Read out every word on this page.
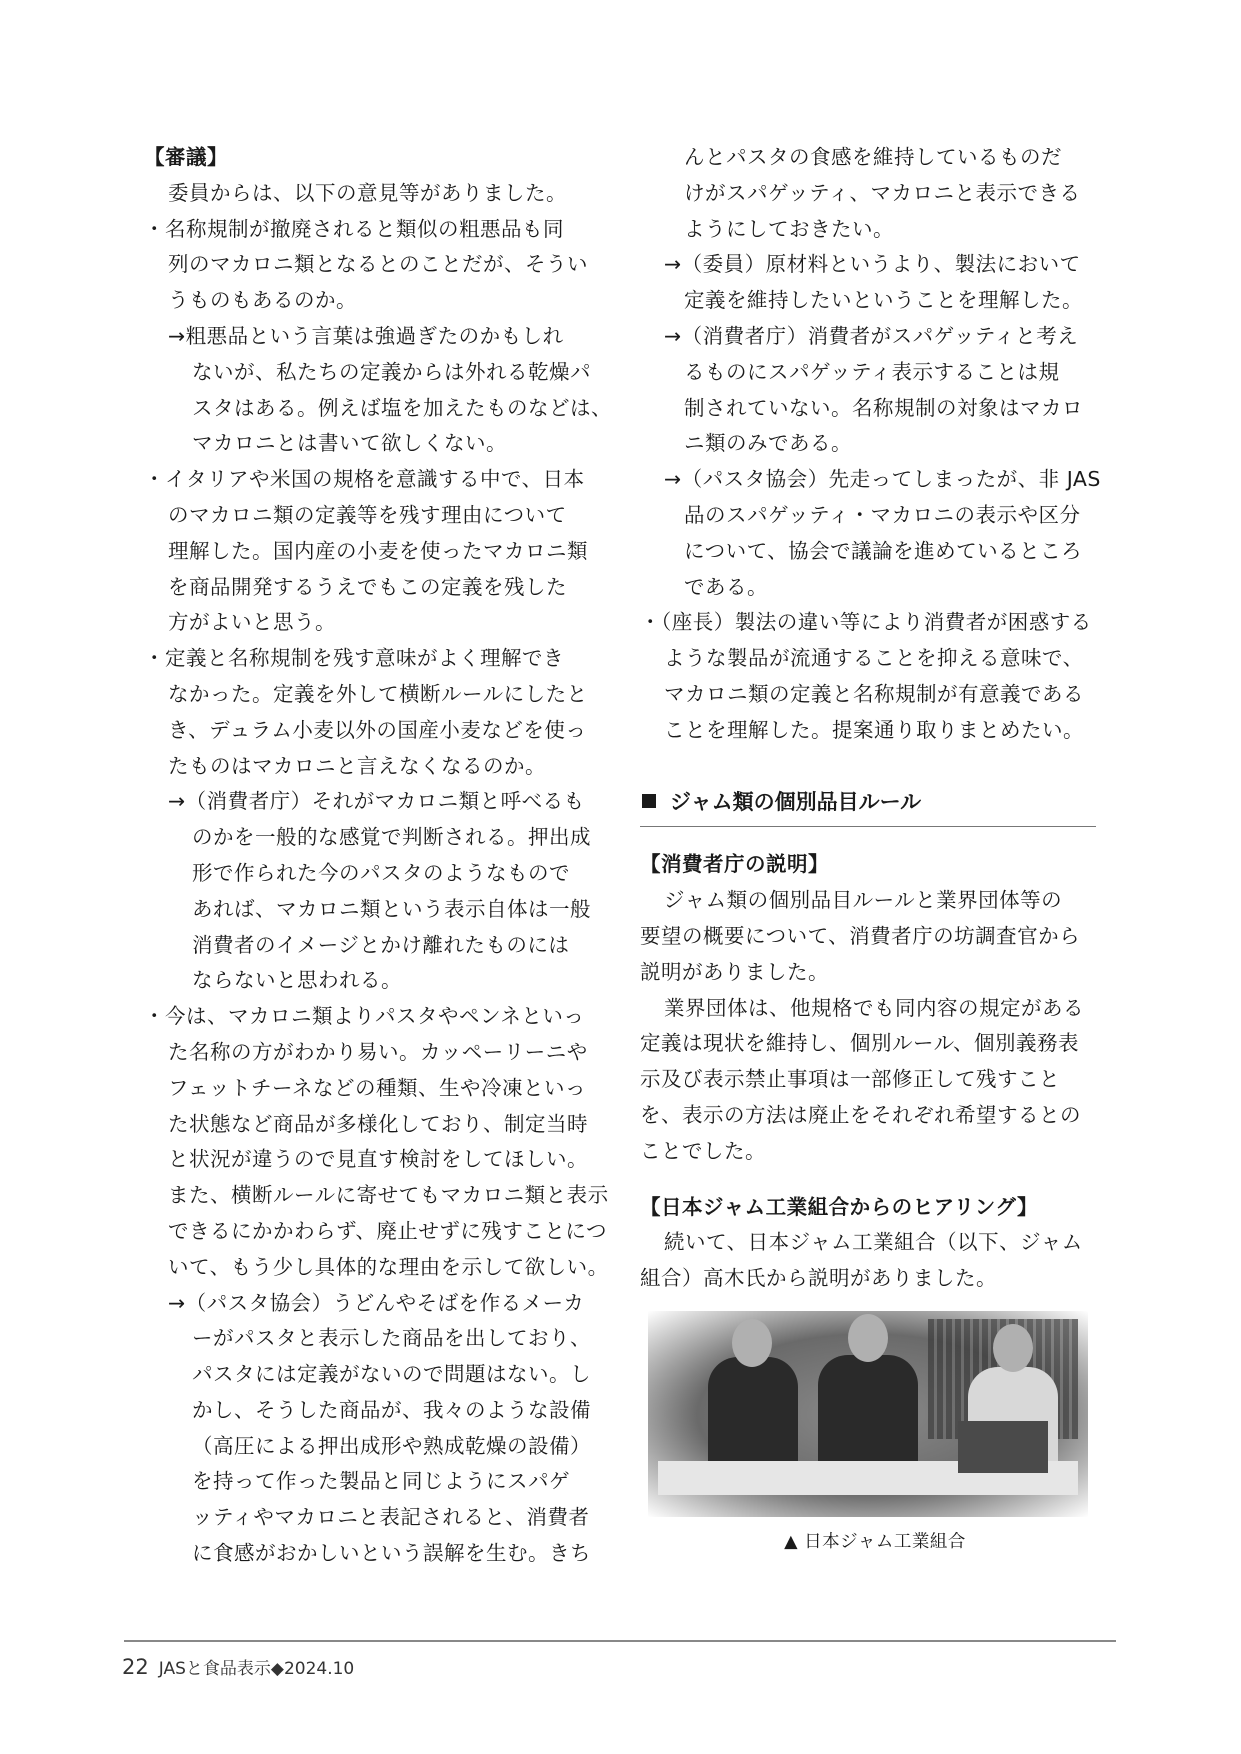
【審議】
委員からは、以下の意見等がありました。
・名称規制が撤廃されると類似の粗悪品も同
列のマカロニ類となるとのことだが、そうい
うものもあるのか。
→粗悪品という言葉は強過ぎたのかもしれ
ないが、私たちの定義からは外れる乾燥パ
スタはある。例えば塩を加えたものなどは、
マカロニとは書いて欲しくない。
・イタリアや米国の規格を意識する中で、日本
のマカロニ類の定義等を残す理由について
理解した。国内産の小麦を使ったマカロニ類
を商品開発するうえでもこの定義を残した
方がよいと思う。
・定義と名称規制を残す意味がよく理解でき
なかった。定義を外して横断ルールにしたと
き、デュラム小麦以外の国産小麦などを使っ
たものはマカロニと言えなくなるのか。
→（消費者庁）それがマカロニ類と呼べるも
のかを一般的な感覚で判断される。押出成
形で作られた今のパスタのようなもので
あれば、マカロニ類という表示自体は一般
消費者のイメージとかけ離れたものには
ならないと思われる。
・今は、マカロニ類よりパスタやペンネといっ
た名称の方がわかり易い。カッペーリーニや
フェットチーネなどの種類、生や冷凍といっ
た状態など商品が多様化しており、制定当時
と状況が違うので見直す検討をしてほしい。
また、横断ルールに寄せてもマカロニ類と表示
できるにかかわらず、廃止せずに残すことにつ
いて、もう少し具体的な理由を示して欲しい。
→（パスタ協会）うどんやそばを作るメーカ
ーがパスタと表示した商品を出しており、
パスタには定義がないので問題はない。し
かし、そうした商品が、我々のような設備
（高圧による押出成形や熟成乾燥の設備）
を持って作った製品と同じようにスパゲ
ッティやマカロニと表記されると、消費者
に食感がおかしいという誤解を生む。きち
んとパスタの食感を維持しているものだ
けがスパゲッティ、マカロニと表示できる
ようにしておきたい。
→（委員）原材料というより、製法において
定義を維持したいということを理解した。
→（消費者庁）消費者がスパゲッティと考え
るものにスパゲッティ表示することは規
制されていない。名称規制の対象はマカロ
ニ類のみである。
→（パスタ協会）先走ってしまったが、非 JAS
品のスパゲッティ・マカロニの表示や区分
について、協会で議論を進めているところ
である。
・（座長）製法の違い等により消費者が困惑する
ような製品が流通することを抑える意味で、
マカロニ類の定義と名称規制が有意義である
ことを理解した。提案通り取りまとめたい。
ジャム類の個別品目ルール
【消費者庁の説明】
ジャム類の個別品目ルールと業界団体等の
要望の概要について、消費者庁の坊調査官から
説明がありました。
業界団体は、他規格でも同内容の規定がある
定義は現状を維持し、個別ルール、個別義務表
示及び表示禁止事項は一部修正して残すこと
を、表示の方法は廃止をそれぞれ希望するとの
ことでした。
【日本ジャム工業組合からのヒアリング】
続いて、日本ジャム工業組合（以下、ジャム
組合）高木氏から説明がありました。
▲ 日本ジャム工業組合
22 JASと食品表示◆2024.10
